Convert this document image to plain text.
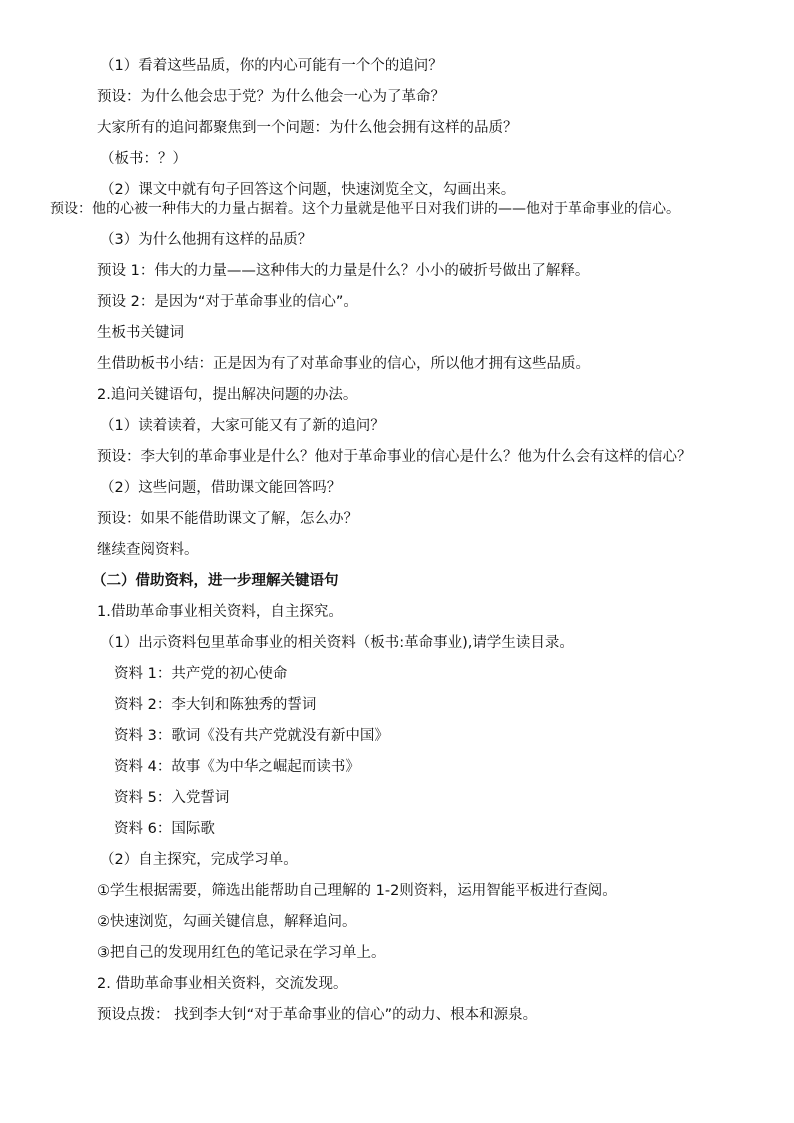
（1）看着这些品质，你的内心可能有一个个的追问？
预设：为什么他会忠于党？为什么他会一心为了革命？
大家所有的追问都聚焦到一个问题：为什么他会拥有这样的品质？
（板书：？）
（2）课文中就有句子回答这个问题，快速浏览全文，勾画出来。
预设：他的心被一种伟大的力量占据着。这个力量就是他平日对我们讲的——他对于革命事业的信心。
（3）为什么他拥有这样的品质？
预设 1：伟大的力量——这种伟大的力量是什么？小小的破折号做出了解释。
预设 2：是因为“对于革命事业的信心”。
生板书关键词
生借助板书小结：正是因为有了对革命事业的信心，所以他才拥有这些品质。
2.追问关键语句，提出解决问题的办法。
（1）读着读着，大家可能又有了新的追问？
预设：李大钊的革命事业是什么？他对于革命事业的信心是什么？他为什么会有这样的信心？
（2）这些问题，借助课文能回答吗？
预设：如果不能借助课文了解，怎么办？
继续查阅资料。
（二）借助资料，进一步理解关键语句
1.借助革命事业相关资料，自主探究。
（1）出示资料包里革命事业的相关资料（板书:革命事业),请学生读目录。
资料 1：共产党的初心使命
资料 2：李大钊和陈独秀的誓词
资料 3：歌词《没有共产党就没有新中国》
资料 4：故事《为中华之崛起而读书》
资料 5：入党誓词
资料 6：国际歌
（2）自主探究，完成学习单。
①学生根据需要，筛选出能帮助自己理解的 1-2则资料，运用智能平板进行查阅。
②快速浏览，勾画关键信息，解释追问。
③把自己的发现用红色的笔记录在学习单上。
2. 借助革命事业相关资料，交流发现。
预设点拨： 找到李大钊“对于革命事业的信心”的动力、根本和源泉。
